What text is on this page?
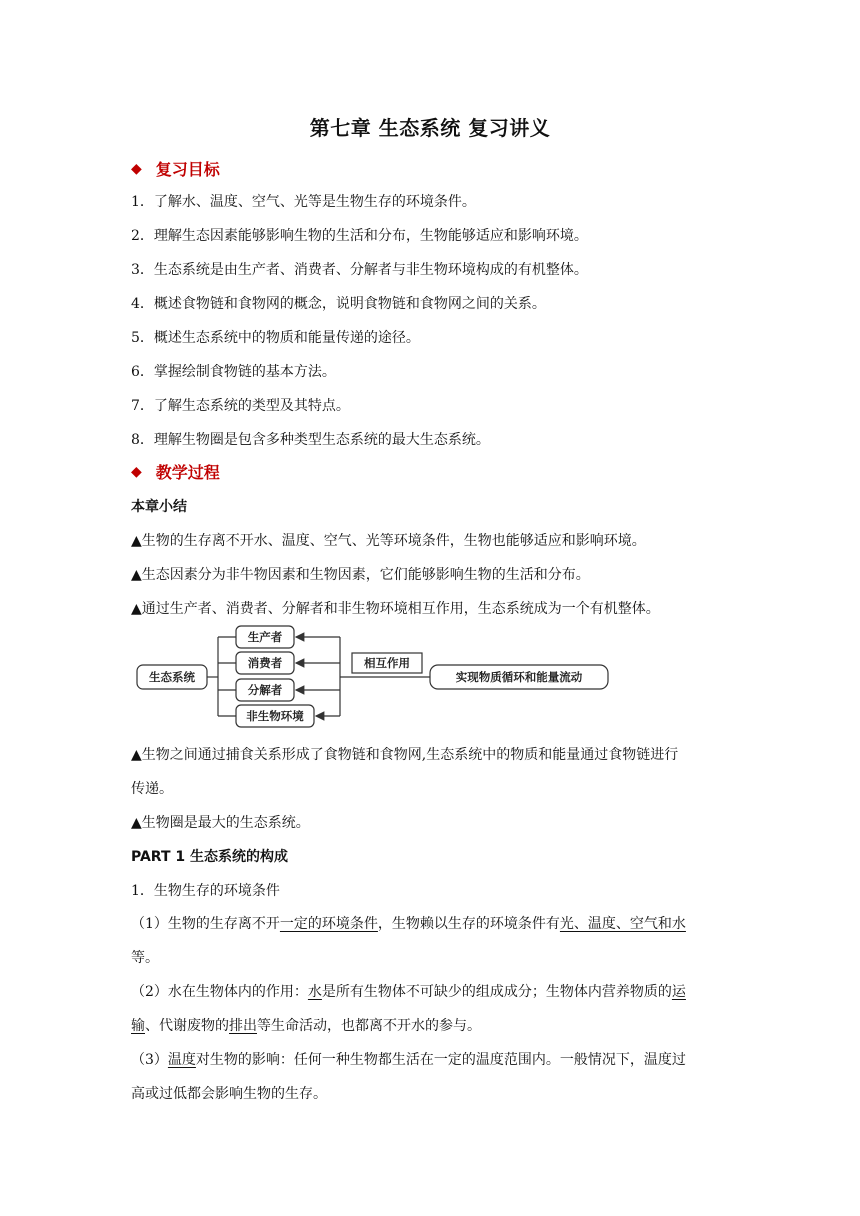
第七章 生态系统 复习讲义
◆ 复习目标
1．了解水、温度、空气、光等是生物生存的环境条件。
2．理解生态因素能够影响生物的生活和分布，生物能够适应和影响环境。
3．生态系统是由生产者、消费者、分解者与非生物环境构成的有机整体。
4．概述食物链和食物网的概念，说明食物链和食物网之间的关系。
5．概述生态系统中的物质和能量传递的途径。
6．掌握绘制食物链的基本方法。
7．了解生态系统的类型及其特点。
8．理解生物圈是包含多种类型生态系统的最大生态系统。
◆ 教学过程
本章小结
▲生物的生存离不开水、温度、空气、光等环境条件，生物也能够适应和影响环境。
▲生态因素分为非牛物因素和生物因素，它们能够影响生物的生活和分布。
▲通过生产者、消费者、分解者和非生物环境相互作用，生态系统成为一个有机整体。
生态系统
生产者
消费者
分解者
非生物环境
相互作用
实现物质循环和能量流动
▲生物之间通过捕食关系形成了食物链和食物网,生态系统中的物质和能量通过食物链进行
传递。
▲生物圈是最大的生态系统。
PART 1 生态系统的构成
1．生物生存的环境条件
（1）生物的生存离不开一定的环境条件，生物赖以生存的环境条件有光、温度、空气和水
等。
（2）水在生物体内的作用：水是所有生物体不可缺少的组成成分；生物体内营养物质的运
输、代谢废物的排出等生命活动，也都离不开水的参与。
（3）温度对生物的影响：任何一种生物都生活在一定的温度范围内。一般情况下，温度过
高或过低都会影响生物的生存。
